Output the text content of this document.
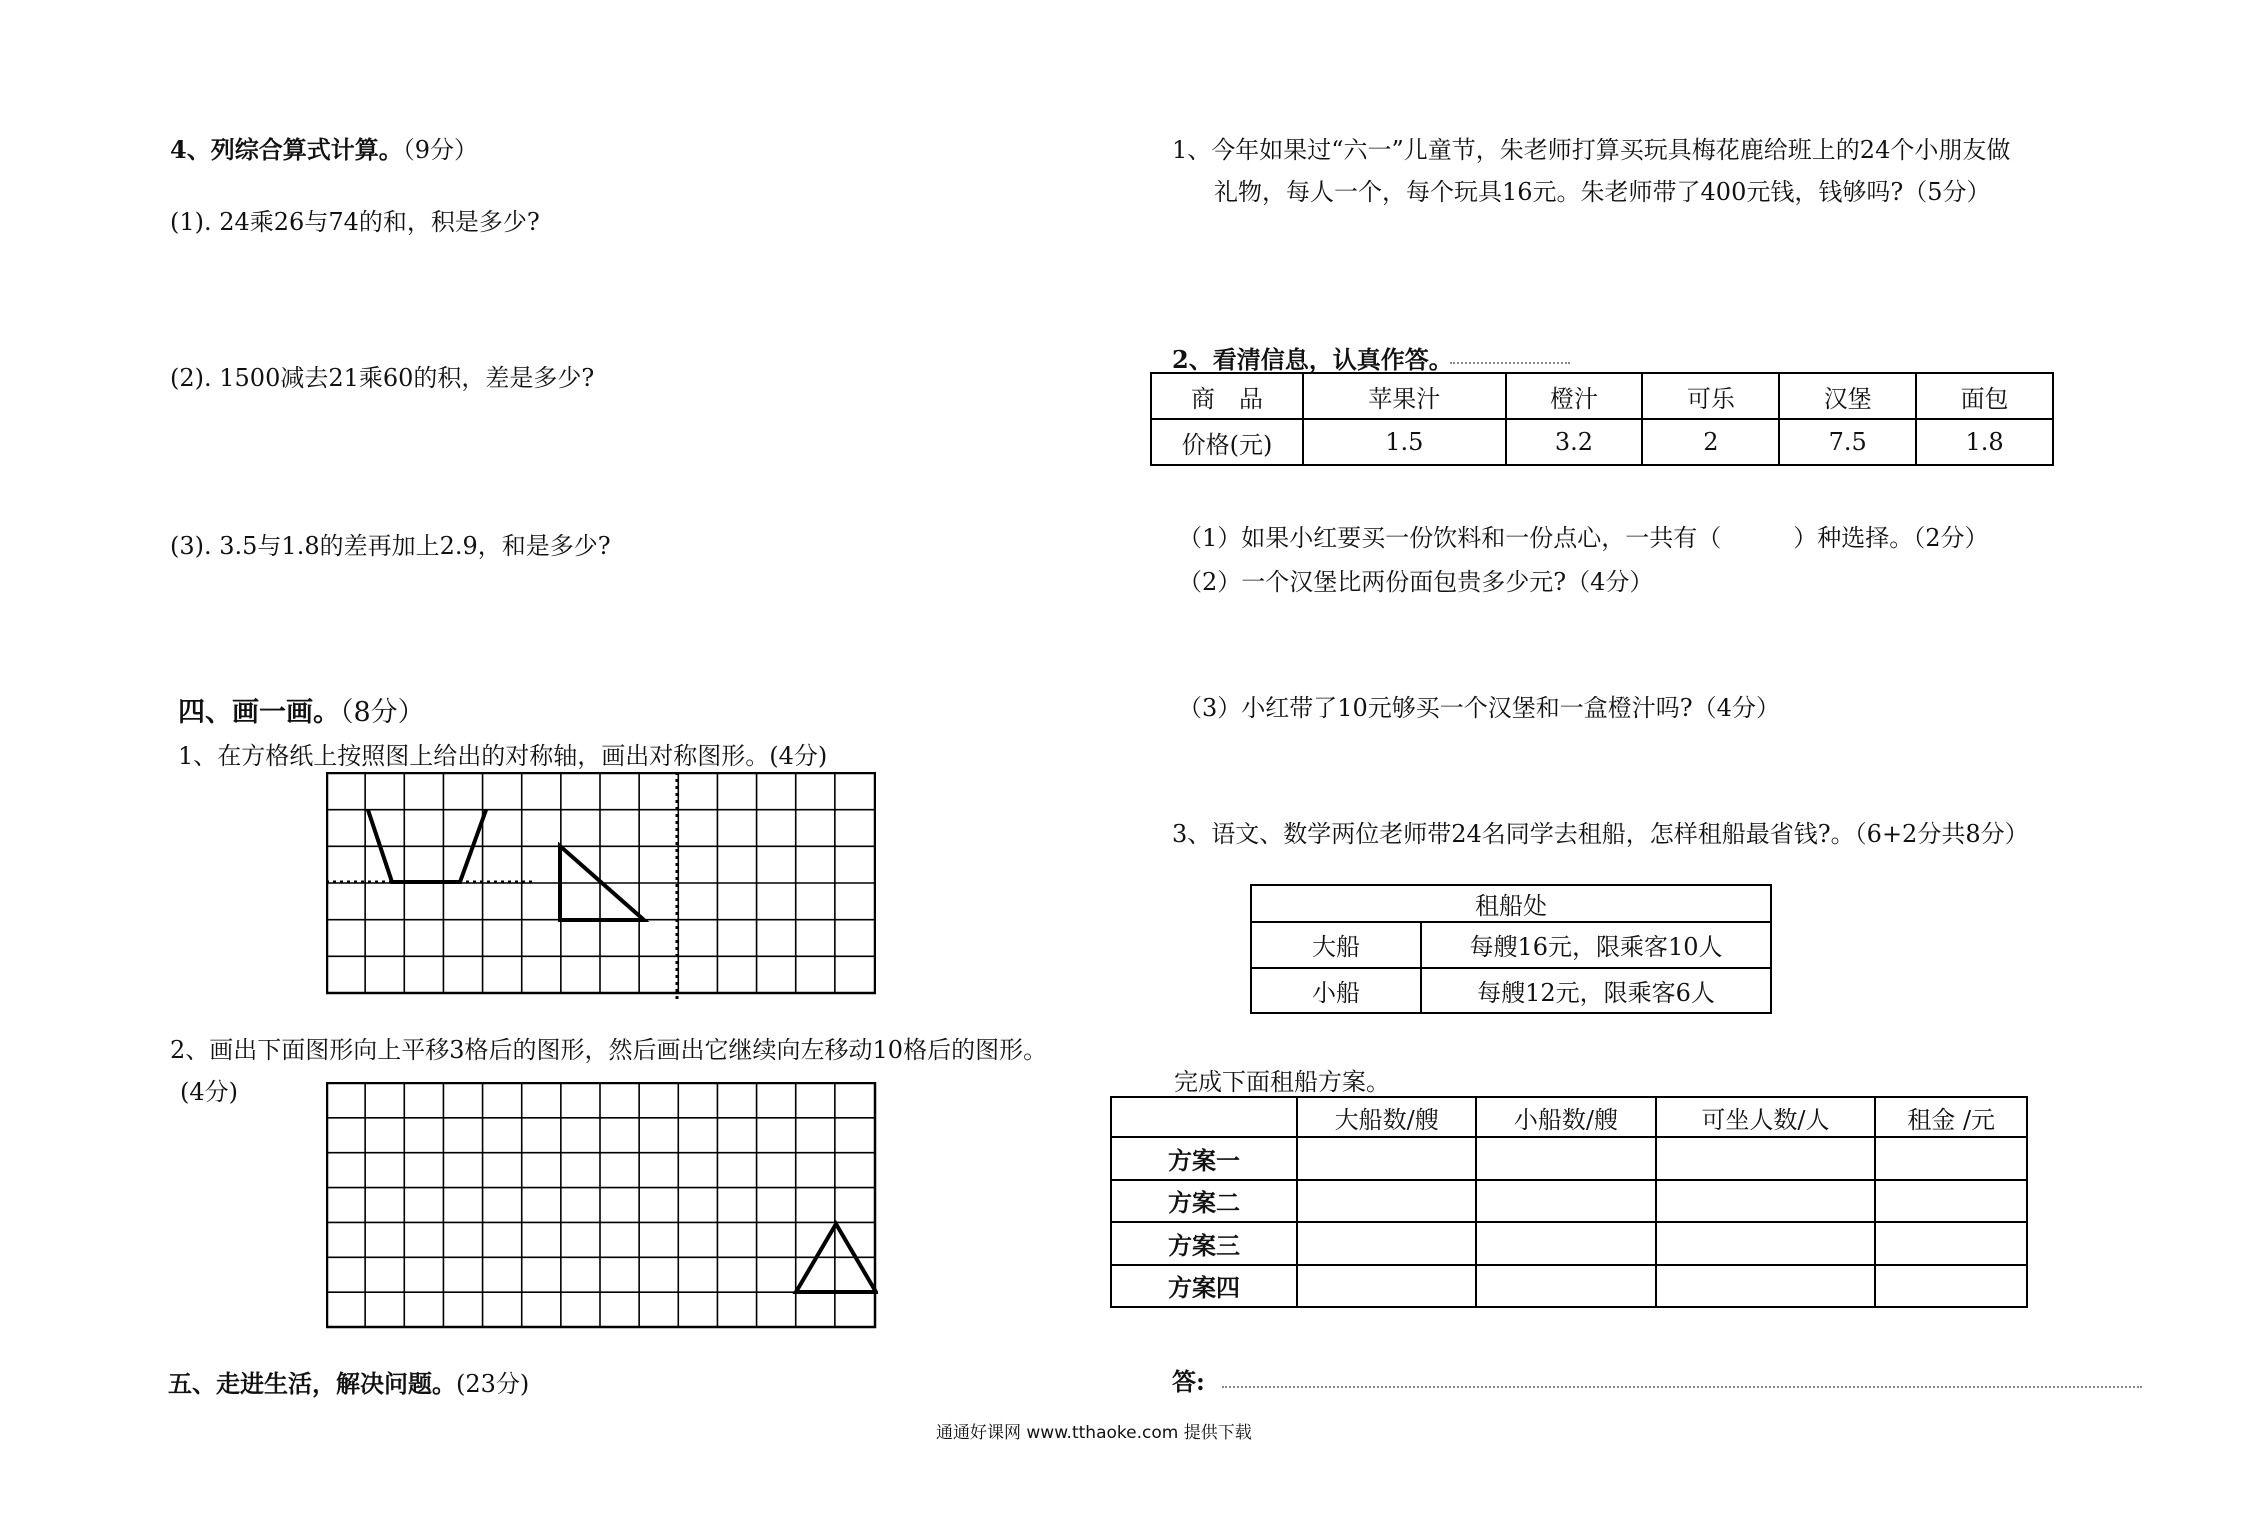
4、列综合算式计算。（9分）
(1). 24乘26与74的和，积是多少?
(2). 1500减去21乘60的积，差是多少?
(3). 3.5与1.8的差再加上2.9，和是多少?
四、画一画。（8分）
1、在方格纸上按照图上给出的对称轴，画出对称图形。(4分)
2、画出下面图形向上平移3格后的图形，然后画出它继续向左移动10格后的图形。
(4分)
五、走进生活，解决问题。(23分)
1、今年如果过“六一”儿童节，朱老师打算买玩具梅花鹿给班上的24个小朋友做
礼物，每人一个，每个玩具16元。朱老师带了400元钱，钱够吗?（5分）
2、看清信息，认真作答。
商　品	苹果汁	橙汁	可乐	汉堡	面包
价格(元)	1.5	3.2	2	7.5	1.8
（1）如果小红要买一份饮料和一份点心，一共有（　　　）种选择。（2分）
（2）一个汉堡比两份面包贵多少元?（4分）
（3）小红带了10元够买一个汉堡和一盒橙汁吗?（4分）
3、语文、数学两位老师带24名同学去租船，怎样租船最省钱?。（6+2分共8分）
租船处	
大船	每艘16元，限乘客10人
小船	每艘12元，限乘客6人
完成下面租船方案。
	大船数/艘	小船数/艘	可坐人数/人	租金 /元
方案一				
方案二				
方案三				
方案四				
答:
通通好课网 www.tthaoke.com 提供下载
